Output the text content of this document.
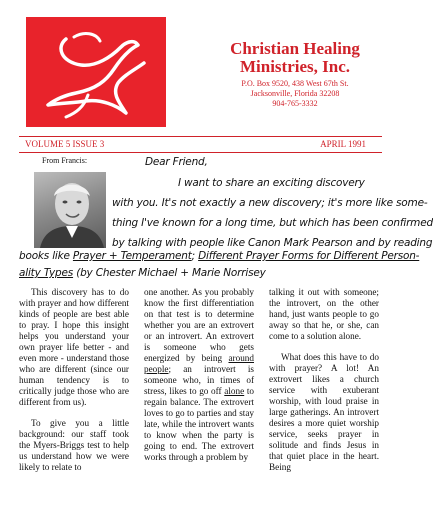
Christian Healing
Ministries, Inc.
P.O. Box 9520, 438 West 67th St.
Jacksonville, Florida 32208
904-765-3332
VOLUME 5 ISSUE 3	APRIL 1991
From Francis:	Dear Friend,
I want to share an exciting discovery
with you. It's not exactly a new discovery; it's more like some-
thing I've known for a long time, but which has been confirmed
by talking with people like Canon Mark Pearson and by reading
books like Prayer + Temperament; Different Prayer Forms for Different Person-
ality Types (by Chester Michael + Marie Norrisey

This discovery has to do with prayer and how different kinds of people are best able to pray. I hope this insight helps you understand your own prayer life better - and even more - understand those who are different (since our human tendency is to critically judge those who are different from us).

To give you a little background: our staff took the Myers-Briggs test to help us understand how we were likely to relate to

one another. As you probably know the first differentiation on that test is to determine whether you are an extrovert or an introvert. An extrovert is someone who gets energized by being around people; an introvert is someone who, in times of stress, likes to go off alone to regain balance. The extrovert loves to go to parties and stay late, while the introvert wants to know when the party is going to end. The extrovert works through a problem by

talking it out with someone; the introvert, on the other hand, just wants people to go away so that he, or she, can come to a solution alone.

What does this have to do with prayer? A lot! An extrovert likes a church service with exuberant worship, with loud praise in large gatherings. An introvert desires a more quiet worship service, seeks prayer in solitude and finds Jesus in that quiet place in the heart. Being
